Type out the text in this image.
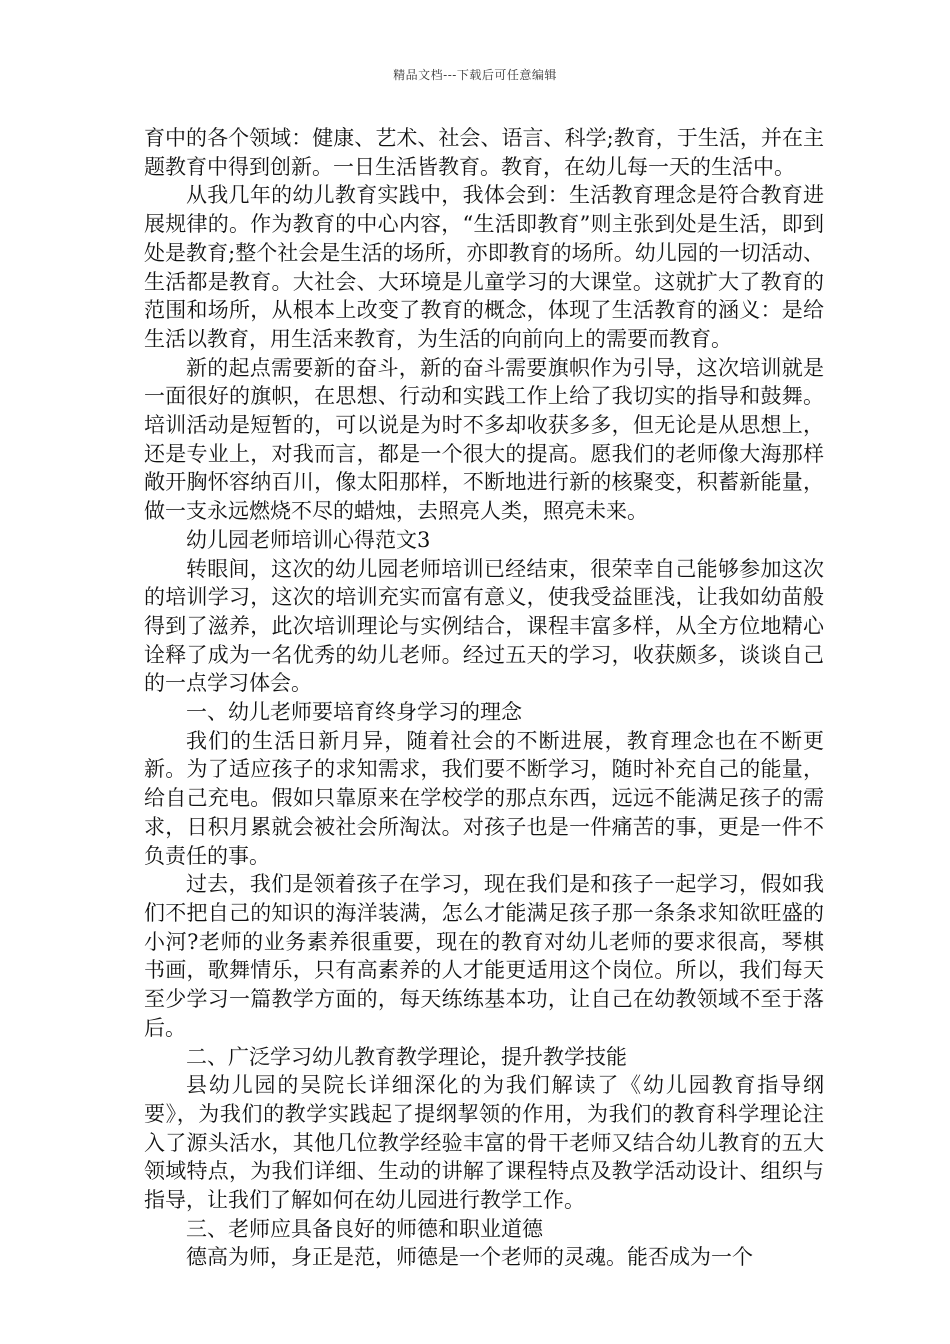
精品文档---下载后可任意编辑

育中的各个领域：健康、艺术、社会、语言、科学;教育，于生活，并在主题教育中得到创新。一日生活皆教育。教育，在幼儿每一天的生活中。

从我几年的幼儿教育实践中，我体会到：生活教育理念是符合教育进展规律的。作为教育的中心内容，“生活即教育”则主张到处是生活，即到处是教育;整个社会是生活的场所，亦即教育的场所。幼儿园的一切活动、生活都是教育。大社会、大环境是儿童学习的大课堂。这就扩大了教育的范围和场所，从根本上改变了教育的概念，体现了生活教育的涵义：是给生活以教育，用生活来教育，为生活的向前向上的需要而教育。

新的起点需要新的奋斗，新的奋斗需要旗帜作为引导，这次培训就是一面很好的旗帜，在思想、行动和实践工作上给了我切实的指导和鼓舞。培训活动是短暂的，可以说是为时不多却收获多多，但无论是从思想上，还是专业上，对我而言，都是一个很大的提高。愿我们的老师像大海那样敞开胸怀容纳百川，像太阳那样，不断地进行新的核聚变，积蓄新能量，做一支永远燃烧不尽的蜡烛，去照亮人类，照亮未来。

幼儿园老师培训心得范文3

转眼间，这次的幼儿园老师培训已经结束，很荣幸自己能够参加这次的培训学习，这次的培训充实而富有意义，使我受益匪浅，让我如幼苗般得到了滋养，此次培训理论与实例结合，课程丰富多样，从全方位地精心诠释了成为一名优秀的幼儿老师。经过五天的学习，收获颇多，谈谈自己的一点学习体会。

一、幼儿老师要培育终身学习的理念

我们的生活日新月异，随着社会的不断进展，教育理念也在不断更新。为了适应孩子的求知需求，我们要不断学习，随时补充自己的能量，给自己充电。假如只靠原来在学校学的那点东西，远远不能满足孩子的需求，日积月累就会被社会所淘汰。对孩子也是一件痛苦的事，更是一件不负责任的事。

过去，我们是领着孩子在学习，现在我们是和孩子一起学习，假如我们不把自己的知识的海洋装满，怎么才能满足孩子那一条条求知欲旺盛的小河?老师的业务素养很重要，现在的教育对幼儿老师的要求很高，琴棋书画，歌舞情乐，只有高素养的人才能更适用这个岗位。所以，我们每天至少学习一篇教学方面的，每天练练基本功，让自己在幼教领域不至于落后。

二、广泛学习幼儿教育教学理论，提升教学技能

县幼儿园的吴院长详细深化的为我们解读了《幼儿园教育指导纲要》，为我们的教学实践起了提纲挈领的作用，为我们的教育科学理论注入了源头活水，其他几位教学经验丰富的骨干老师又结合幼儿教育的五大领域特点，为我们详细、生动的讲解了课程特点及教学活动设计、组织与指导，让我们了解如何在幼儿园进行教学工作。

三、老师应具备良好的师德和职业道德

德高为师，身正是范，师德是一个老师的灵魂。能否成为一个
